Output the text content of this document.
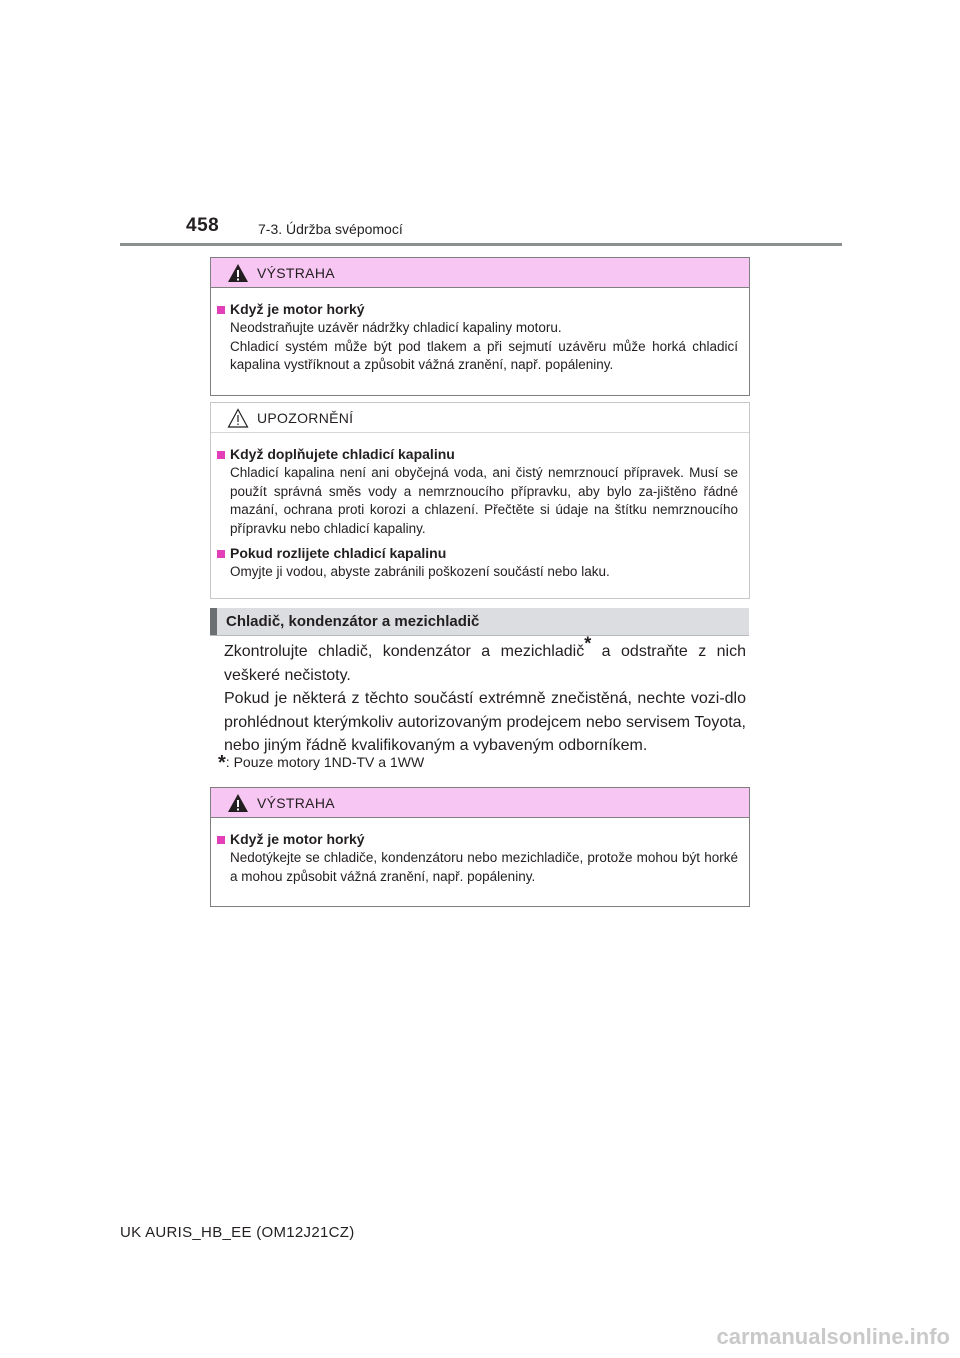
458	7-3. Údržba svépomocí
VÝSTRAHA
Když je motor horký

Neodstraňujte uzávěr nádržky chladicí kapaliny motoru.

Chladicí systém může být pod tlakem a při sejmutí uzávěru může horká chladicí kapalina vystříknout a způsobit vážná zranění, např. popáleniny.

UPOZORNĚNÍ
Když doplňujete chladicí kapalinu
Chladicí kapalina není ani obyčejná voda, ani čistý nemrznoucí přípravek. Musí se použít správná směs vody a nemrznoucího přípravku, aby bylo za-jištěno řádné mazání, ochrana proti korozi a chlazení. Přečtěte si údaje na štítku nemrznoucího přípravku nebo chladicí kapaliny.
Pokud rozlijete chladicí kapalinu
Omyjte ji vodou, abyste zabránili poškození součástí nebo laku.
Chladič, kondenzátor a mezichladič

Zkontrolujte chladič, kondenzátor a mezichladič* a odstraňte z nich veškeré nečistoty.

Pokud je některá z těchto součástí extrémně znečistěná, nechte vozi-dlo prohlédnout kterýmkoliv autorizovaným prodejcem nebo servisem Toyota, nebo jiným řádně kvalifikovaným a vybaveným odborníkem.

*: Pouze motory 1ND-TV a 1WW
VÝSTRAHA
Když je motor horký
Nedotýkejte se chladiče, kondenzátoru nebo mezichladiče, protože mohou být horké a mohou způsobit vážná zranění, např. popáleniny.
UK AURIS_HB_EE (OM12J21CZ)
carmanualsonline.info
